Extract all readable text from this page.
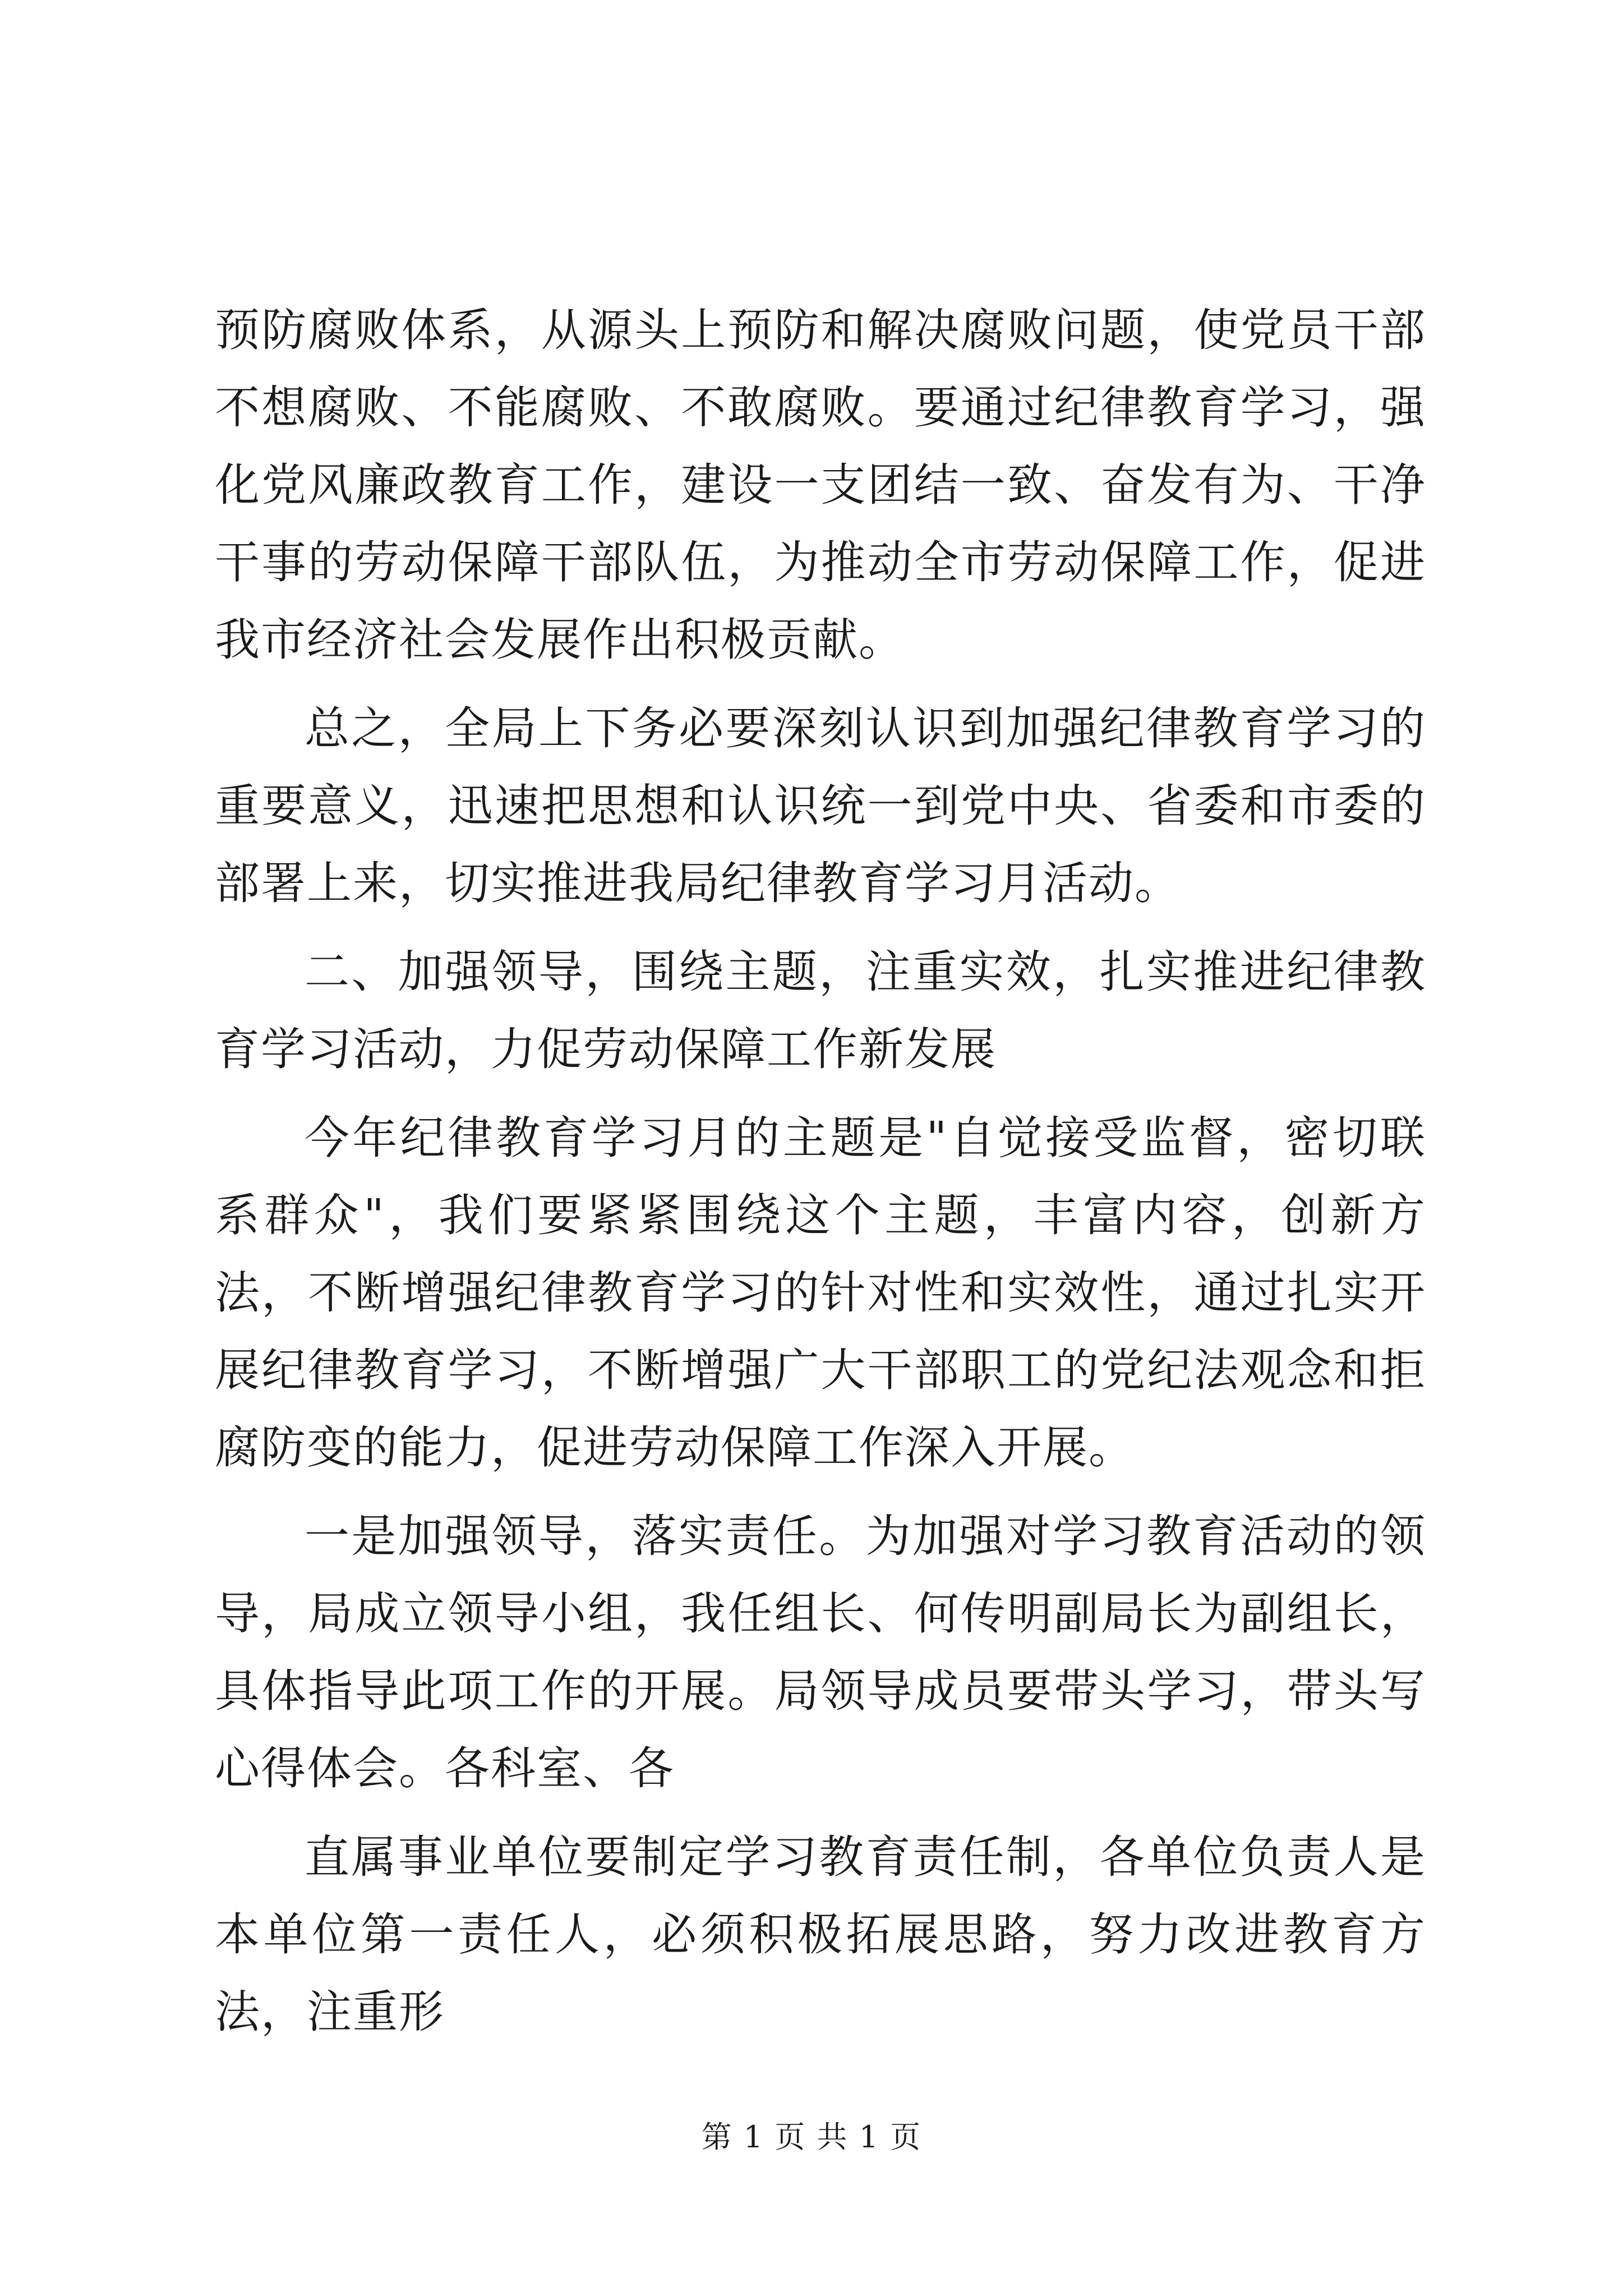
预防腐败体系，从源头上预防和解决腐败问题，使党员干部不想腐败、不能腐败、不敢腐败。要通过纪律教育学习，强化党风廉政教育工作，建设一支团结一致、奋发有为、干净干事的劳动保障干部队伍，为推动全市劳动保障工作，促进我市经济社会发展作出积极贡献。

总之，全局上下务必要深刻认识到加强纪律教育学习的重要意义，迅速把思想和认识统一到党中央、省委和市委的部署上来，切实推进我局纪律教育学习月活动。

二、加强领导，围绕主题，注重实效，扎实推进纪律教育学习活动，力促劳动保障工作新发展

今年纪律教育学习月的主题是"自觉接受监督，密切联系群众"，我们要紧紧围绕这个主题，丰富内容，创新方法，不断增强纪律教育学习的针对性和实效性，通过扎实开展纪律教育学习，不断增强广大干部职工的党纪法观念和拒腐防变的能力，促进劳动保障工作深入开展。

一是加强领导，落实责任。为加强对学习教育活动的领导，局成立领导小组，我任组长、何传明副局长为副组长，具体指导此项工作的开展。局领导成员要带头学习，带头写心得体会。各科室、各

直属事业单位要制定学习教育责任制，各单位负责人是本单位第一责任人，必须积极拓展思路，努力改进教育方法，注重形

第 1 页 共 1 页
